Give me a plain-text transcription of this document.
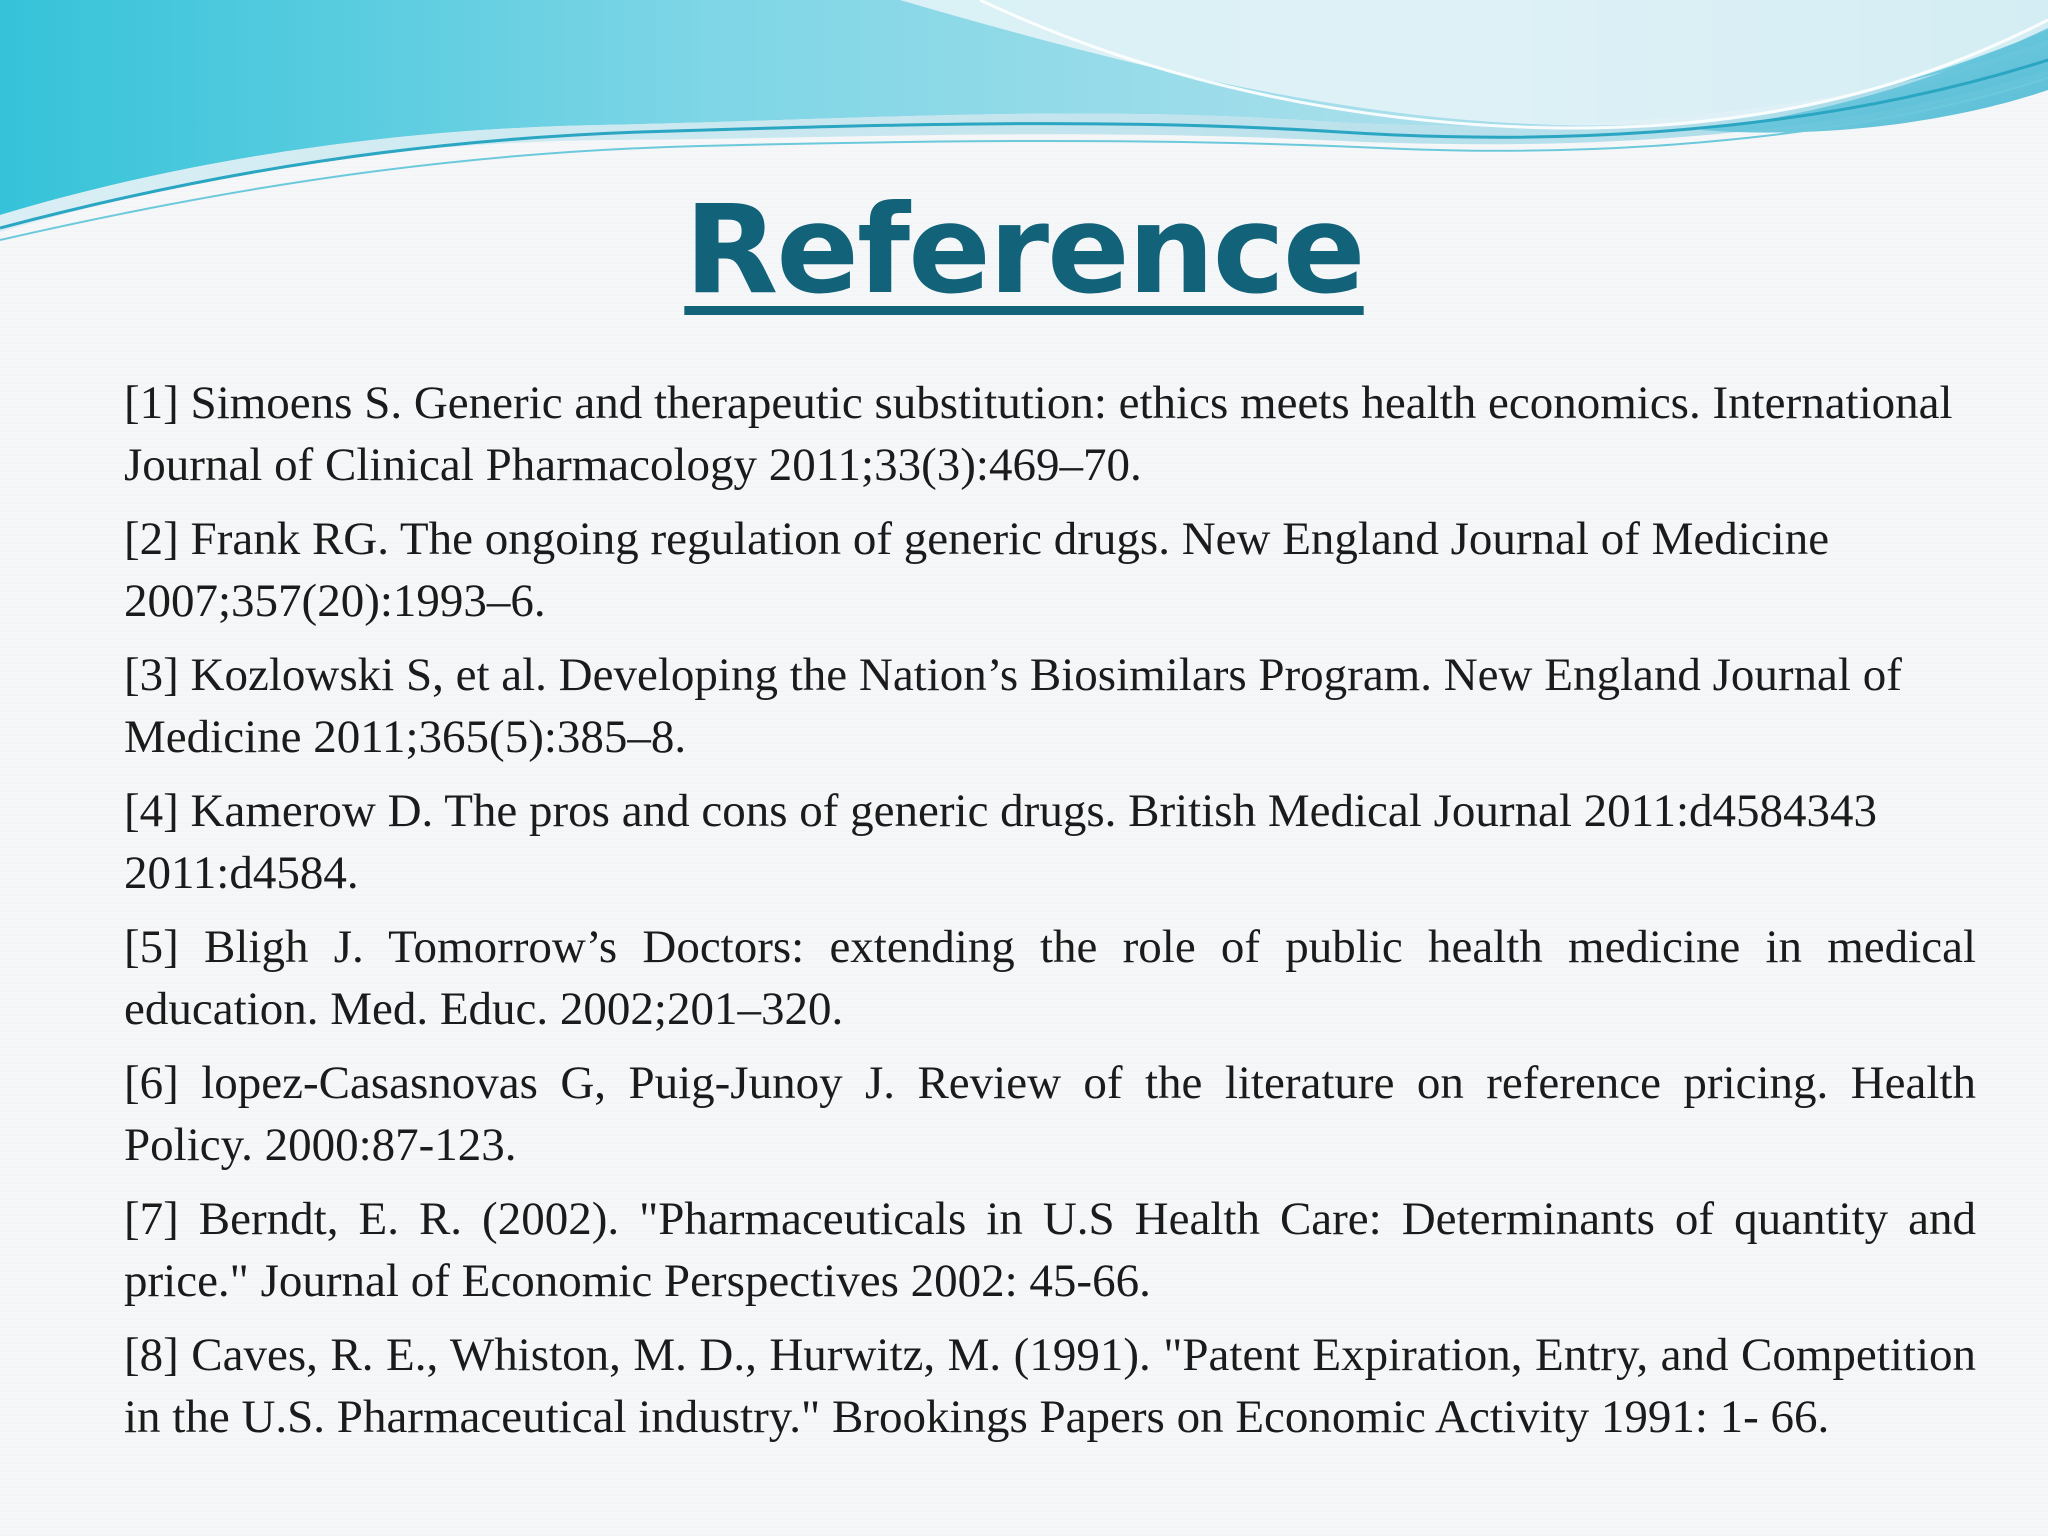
Reference

[1] Simoens S. Generic and therapeutic substitution: ethics meets health economics. International Journal of Clinical Pharmacology 2011;33(3):469–70.

[2] Frank RG. The ongoing regulation of generic drugs. New England Journal of Medicine 2007;357(20):1993–6.

[3] Kozlowski S, et al. Developing the Nation’s Biosimilars Program. New England Journal of Medicine 2011;365(5):385–8.

[4] Kamerow D. The pros and cons of generic drugs. British Medical Journal 2011:d4584343 2011:d4584.

[5] Bligh J. Tomorrow’s Doctors: extending the role of public health medicine in medical education. Med. Educ. 2002;201–320.

[6] lopez-Casasnovas G, Puig-Junoy J. Review of the literature on reference pricing. Health Policy. 2000:87-123.

[7] Berndt, E. R. (2002). "Pharmaceuticals in U.S Health Care: Determinants of quantity and price." Journal of Economic Perspectives 2002: 45-66.

[8] Caves, R. E., Whiston, M. D., Hurwitz, M. (1991). "Patent Expiration, Entry, and Competition in the U.S. Pharmaceutical industry." Brookings Papers on Economic Activity 1991: 1- 66.
